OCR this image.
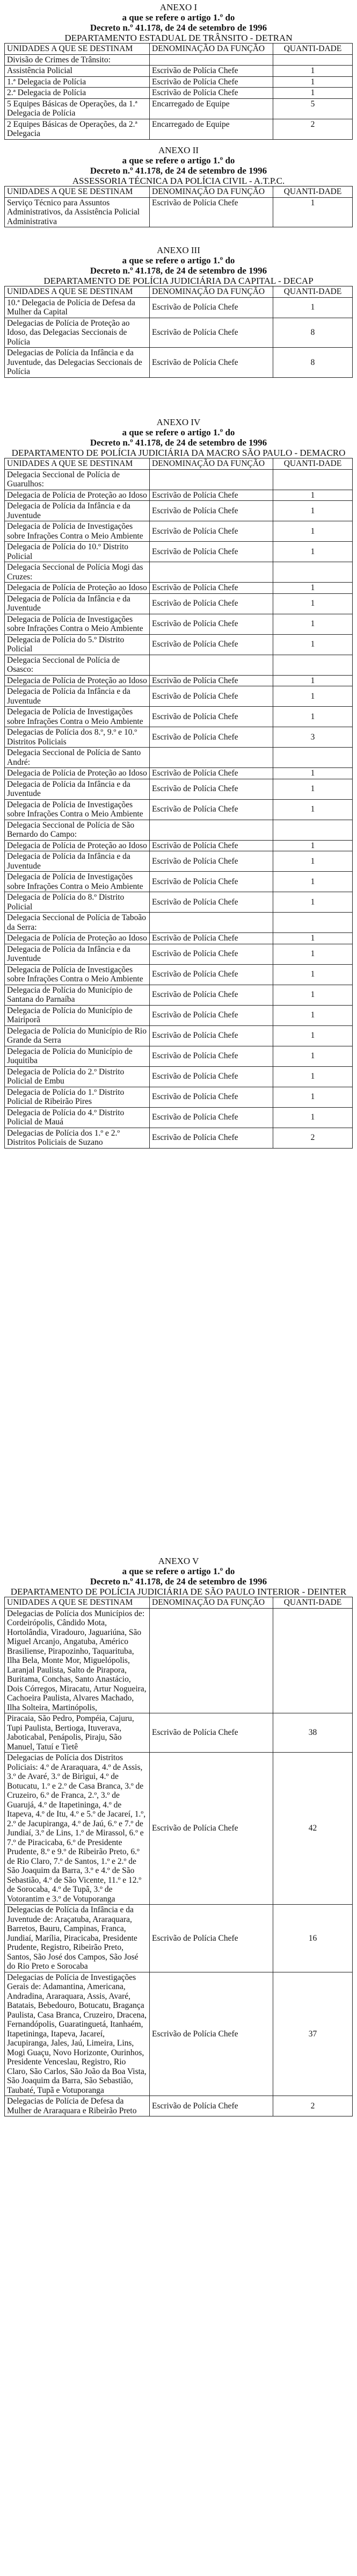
ANEXO I
a que se refere o artigo 1.º do
Decreto n.º 41.178, de 24 de setembro de 1996
DEPARTAMENTO ESTADUAL DE TRÂNSITO - DETRAN
UNIDADES A QUE SE DESTINAM	DENOMINAÇÃO DA FUNÇÃO	QUANTI-DADE
Divisão de Crimes de Trânsito:		
Assistência Policial	Escrivão de Polícia Chefe	1
1.ª Delegacia de Polícia	Escrivão de Polícia Chefe	1
2.ª Delegacia de Polícia	Escrivão de Polícia Chefe	1
5 Equipes Básicas de Operações, da 1.ª Delegacia de Polícia	Encarregado de Equipe	5
2 Equipes Básicas de Operações, da 2.ª Delegacia	Encarregado de Equipe	2
ANEXO II
a que se refere o artigo 1.º do
Decreto n.º 41.178, de 24 de setembro de 1996
ASSESSORIA TÉCNICA DA POLÍCIA CIVIL - A.T.P.C.
UNIDADES A QUE SE DESTINAM	DENOMINAÇÃO DA FUNÇÃO	QUANTI-DADE
Serviço Técnico para Assuntos Administrativos, da Assistência Policial Administrativa	Escrivão de Polícia Chefe	1
ANEXO III
a que se refere o artigo 1.º do
Decreto n.º 41.178, de 24 de setembro de 1996
DEPARTAMENTO DE POLÍCIA JUDICIÁRIA DA CAPITAL - DECAP
UNIDADES A QUE SE DESTINAM	DENOMINAÇÃO DA FUNÇÃO	QUANTI-DADE
10.ª Delegacia de Polícia de Defesa da Mulher da Capital	Escrivão de Polícia Chefe	1
Delegacias de Polícia de Proteção ao Idoso, das Delegacias Seccionais de Polícia	Escrivão de Polícia Chefe	8
Delegacias de Polícia da Infância e da Juventude, das Delegacias Seccionais de Polícia	Escrivão de Polícia Chefe	8
ANEXO IV
a que se refere o artigo 1.º do
Decreto n.º 41.178, de 24 de setembro de 1996
DEPARTAMENTO DE POLÍCIA JUDICIÁRIA DA MACRO SÃO PAULO - DEMACRO
UNIDADES A QUE SE DESTINAM	DENOMINAÇÃO DA FUNÇÃO	QUANTI-DADE
Delegacia Seccional de Polícia de Guarulhos:		
Delegacia de Polícia de Proteção ao Idoso	Escrivão de Polícia Chefe	1
Delegacia de Polícia da Infância e da Juventude	Escrivão de Polícia Chefe	1
Delegacia de Polícia de Investigações sobre Infrações Contra o Meio Ambiente	Escrivão de Polícia Chefe	1
Delegacia de Polícia do 10.º Distrito Policial	Escrivão de Polícia Chefe	1
Delegacia Seccional de Polícia Mogi das Cruzes:		
Delegacia de Polícia de Proteção ao Idoso	Escrivão de Polícia Chefe	1
Delegacia de Polícia da Infância e da Juventude	Escrivão de Polícia Chefe	1
Delegacia de Polícia de Investigações sobre Infrações Contra o Meio Ambiente	Escrivão de Polícia Chefe	1
Delegacia de Polícia do 5.º Distrito Policial	Escrivão de Polícia Chefe	1
Delegacia Seccional de Polícia de Osasco:		
Delegacia de Polícia de Proteção ao Idoso	Escrivão de Polícia Chefe	1
Delegacia de Polícia da Infância e da Juventude	Escrivão de Polícia Chefe	1
Delegacia de Polícia de Investigações sobre Infrações Contra o Meio Ambiente	Escrivão de Polícia Chefe	1
Delegacias de Polícia dos 8.º, 9.º e 10.º Distritos Policiais	Escrivão de Polícia Chefe	3
Delegacia Seccional de Polícia de Santo André:		
Delegacia de Polícia de Proteção ao Idoso	Escrivão de Polícia Chefe	1
Delegacia de Polícia da Infância e da Juventude	Escrivão de Polícia Chefe	1
Delegacia de Polícia de Investigações sobre Infrações Contra o Meio Ambiente	Escrivão de Polícia Chefe	1
Delegacia Seccional de Polícia de São Bernardo do Campo:		
Delegacia de Polícia de Proteção ao Idoso	Escrivão de Polícia Chefe	1
Delegacia de Polícia da Infância e da Juventude	Escrivão de Polícia Chefe	1
Delegacia de Polícia de Investigações sobre Infrações Contra o Meio Ambiente	Escrivão de Polícia Chefe	1
Delegacia de Polícia do 8.º Distrito Policial	Escrivão de Polícia Chefe	1
Delegacia Seccional de Polícia de Taboão da Serra:		
Delegacia de Polícia de Proteção ao Idoso	Escrivão de Polícia Chefe	1
Delegacia de Polícia da Infância e da Juventude	Escrivão de Polícia Chefe	1
Delegacia de Polícia de Investigações sobre Infrações Contra o Meio Ambiente	Escrivão de Polícia Chefe	1
Delegacia de Polícia do Município de Santana do Parnaíba	Escrivão de Polícia Chefe	1
Delegacia de Polícia do Município de Mairiporã	Escrivão de Polícia Chefe	1
Delegacia de Polícia do Município de Rio Grande da Serra	Escrivão de Polícia Chefe	1
Delegacia de Polícia do Município de Juquitiba	Escrivão de Polícia Chefe	1
Delegacia de Polícia do 2.º Distrito Policial de Embu	Escrivão de Polícia Chefe	1
Delegacia de Polícia do 1.º Distrito Policial de Ribeirão Pires	Escrivão de Polícia Chefe	1
Delegacia de Polícia do 4.º Distrito Policial de Mauá	Escrivão de Polícia Chefe	1
Delegacias de Polícia dos 1.º e 2.º Distritos Policiais de Suzano	Escrivão de Polícia Chefe	2
ANEXO V
a que se refere o artigo 1.º do
Decreto n.º 41.178, de 24 de setembro de 1996
DEPARTAMENTO DE POLÍCIA JUDICIÁRIA DE SÃO PAULO INTERIOR - DEINTER
UNIDADES A QUE SE DESTINAM	DENOMINAÇÃO DA FUNÇÃO	QUANTI-DADE
Delegacias de Polícia dos Municípios de: Cordeirópolis, Cândido Mota, Hortolândia, Viradouro, Jaguariúna, São Miguel Arcanjo, Angatuba, Américo Brasiliense, Pirapozinho, Taquarituba, Ilha Bela, Monte Mor, Miguelópolis, Laranjal Paulista, Salto de Pirapora, Buritama, Conchas, Santo Anastácio, Dois Córregos, Miracatu, Artur Nogueira, Cachoeira Paulista, Alvares Machado, Ilha Solteira, Martinópolis,		
Piracaia, São Pedro, Pompéia, Cajuru, Tupi Paulista, Bertioga, Ituverava, Jaboticabal, Penápolis, Piraju, São Manuel, Tatuí e Tietê	Escrivão de Polícia Chefe	38
Delegacias de Polícia dos Distritos Policiais: 4.º de Araraquara, 4.º de Assis, 3.º de Avaré, 3.º de Birigui, 4.º de Botucatu, 1.º e 2.º de Casa Branca, 3.º de Cruzeiro, 6.º de Franca, 2.º, 3.º de Guarujá, 4.º de Itapetininga, 4.º de Itapeva, 4.º de Itu, 4.º e 5.º de Jacareí, 1.º, 2.º de Jacupiranga, 4.º de Jaú, 6.º e 7.º de Jundiaí, 3.º de Lins, 1.º de Mirassol, 6.º e 7.º de Piracicaba, 6.º de Presidente Prudente, 8.º e 9.º de Ribeirão Preto, 6.º de Rio Claro, 7.º de Santos, 1.º e 2.º de São Joaquim da Barra, 3.º e 4.º de São Sebastião, 4.º de São Vicente, 11.º e 12.º de Sorocaba, 4.º de Tupã, 3.º de Votorantim e 3.º de Votuporanga	Escrivão de Polícia Chefe	42
Delegacias de Polícia da Infância e da Juventude de: Araçatuba, Araraquara, Barretos, Bauru, Campinas, Franca, Jundiaí, Marília, Piracicaba, Presidente Prudente, Registro, Ribeirão Preto, Santos, São José dos Campos, São José do Rio Preto e Sorocaba	Escrivão de Polícia Chefe	16
Delegacias de Polícia de Investigações Gerais de: Adamantina, Americana, Andradina, Araraquara, Assis, Avaré, Batatais, Bebedouro, Botucatu, Bragança Paulista, Casa Branca, Cruzeiro, Dracena, Fernandópolis, Guaratinguetá, Itanhaém, Itapetininga, Itapeva, Jacareí, Jacupiranga, Jales, Jaú, Limeira, Lins, Mogi Guaçu, Novo Horizonte, Ourinhos, Presidente Venceslau, Registro, Rio Claro, São Carlos, São João da Boa Vista, São Joaquim da Barra, São Sebastião, Taubaté, Tupã e Votuporanga	Escrivão de Polícia Chefe	37
Delegacias de Polícia de Defesa da Mulher de Araraquara e Ribeirão Preto	Escrivão de Polícia Chefe	2
